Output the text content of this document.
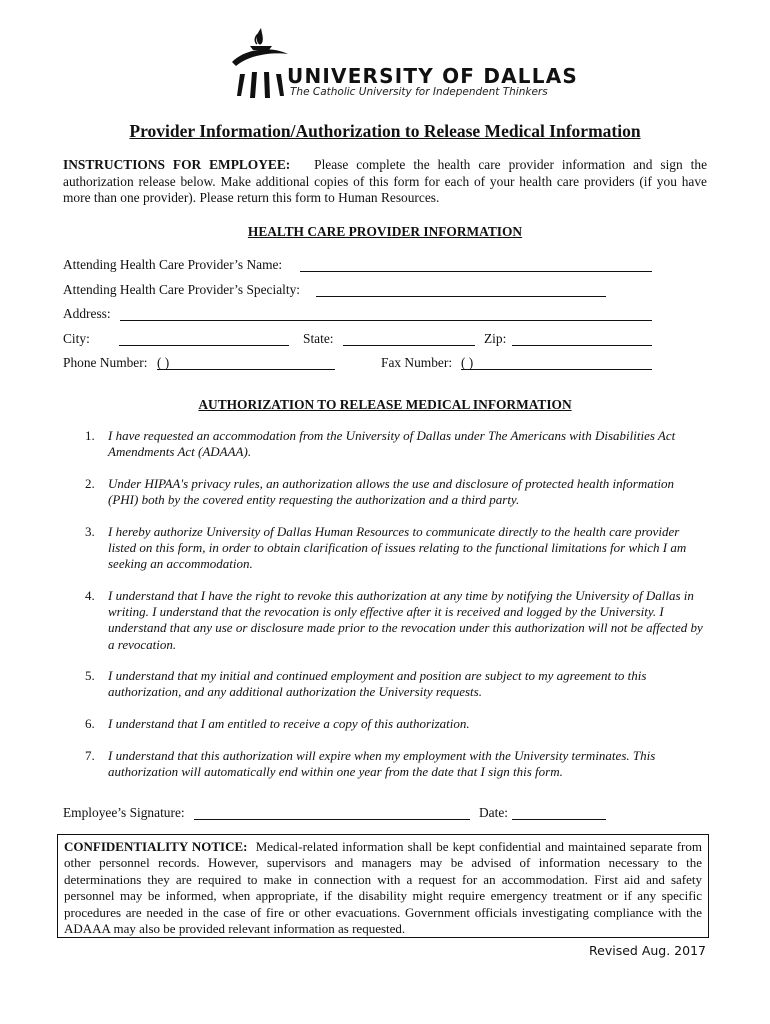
UNIVERSITY OF DALLAS
The Catholic University for Independent Thinkers
Provider Information/Authorization to Release Medical Information
INSTRUCTIONS FOR EMPLOYEE: Please complete the health care provider information and sign the authorization release below. Make additional copies of this form for each of your health care providers (if you have more than one provider). Please return this form to Human Resources.
HEALTH CARE PROVIDER INFORMATION
Attending Health Care Provider’s Name:
Attending Health Care Provider’s Specialty:
Address:
City:	State:	Zip:
Phone Number: ( )	Fax Number: ( )
AUTHORIZATION TO RELEASE MEDICAL INFORMATION
1. I have requested an accommodation from the University of Dallas under The Americans with Disabilities Act Amendments Act (ADAAA).
2. Under HIPAA's privacy rules, an authorization allows the use and disclosure of protected health information (PHI) both by the covered entity requesting the authorization and a third party.
3. I hereby authorize University of Dallas Human Resources to communicate directly to the health care provider listed on this form, in order to obtain clarification of issues relating to the functional limitations for which I am seeking an accommodation.
4. I understand that I have the right to revoke this authorization at any time by notifying the University of Dallas in writing. I understand that the revocation is only effective after it is received and logged by the University. I understand that any use or disclosure made prior to the revocation under this authorization will not be affected by a revocation.
5. I understand that my initial and continued employment and position are subject to my agreement to this authorization, and any additional authorization the University requests.
6. I understand that I am entitled to receive a copy of this authorization.
7. I understand that this authorization will expire when my employment with the University terminates. This authorization will automatically end within one year from the date that I sign this form.
Employee’s Signature:	Date:
CONFIDENTIALITY NOTICE: Medical-related information shall be kept confidential and maintained separate from other personnel records. However, supervisors and managers may be advised of information necessary to the determinations they are required to make in connection with a request for an accommodation. First aid and safety personnel may be informed, when appropriate, if the disability might require emergency treatment or if any specific procedures are needed in the case of fire or other evacuations. Government officials investigating compliance with the ADAAA may also be provided relevant information as requested.
Revised Aug. 2017
